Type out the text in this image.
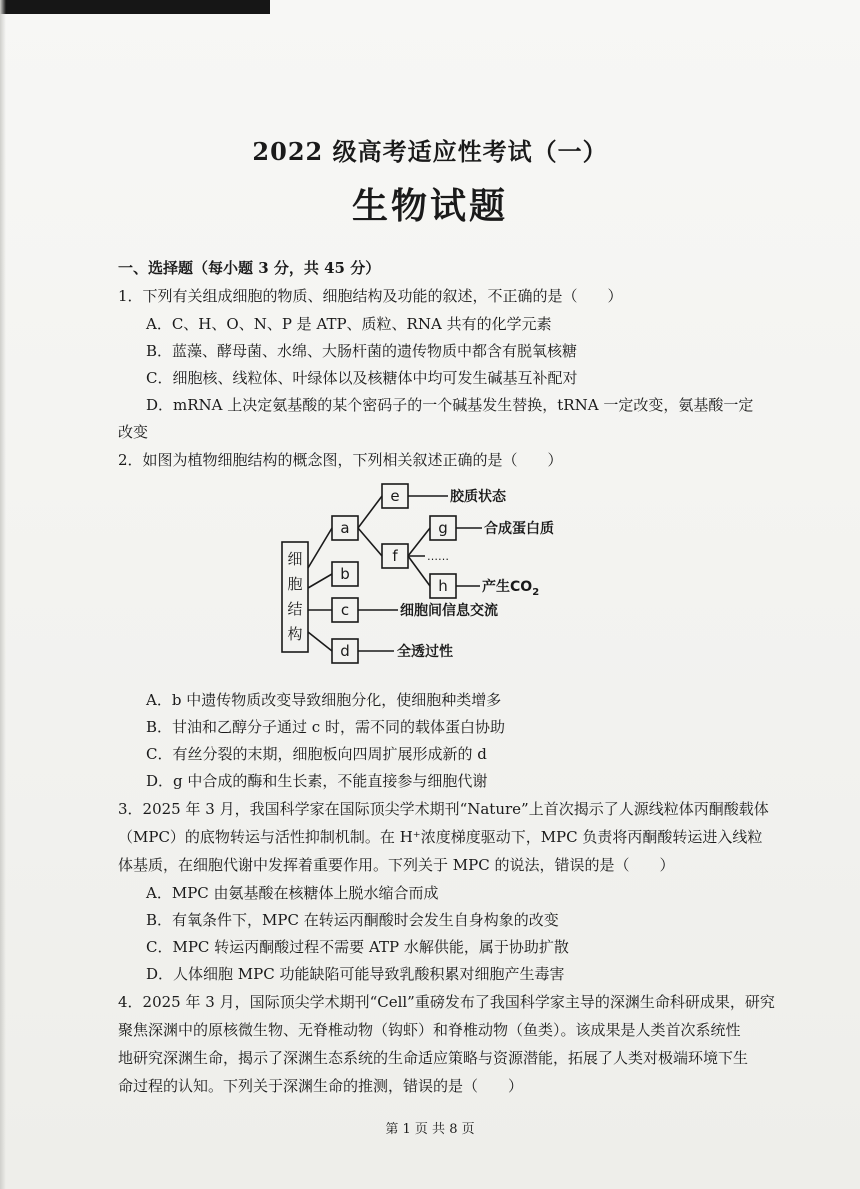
2022 级高考适应性考试（一）
生物试题
一、选择题（每小题 3 分，共 45 分）
1．下列有关组成细胞的物质、细胞结构及功能的叙述，不正确的是（　　）
A．C、H、O、N、P 是 ATP、质粒、RNA 共有的化学元素
B．蓝藻、酵母菌、水绵、大肠杆菌的遗传物质中都含有脱氧核糖
C．细胞核、线粒体、叶绿体以及核糖体中均可发生碱基互补配对
D．mRNA 上决定氨基酸的某个密码子的一个碱基发生替换，tRNA 一定改变，氨基酸一定
改变
2．如图为植物细胞结构的概念图，下列相关叙述正确的是（　　）
细
胞
结
构
a
b
c
d
e
f
g
h
胶质状态
合成蛋白质
……
产生$CO_2$
细胞间信息交流
全透过性
A．b 中遗传物质改变导致细胞分化，使细胞种类增多
B．甘油和乙醇分子通过 c 时，需不同的载体蛋白协助
C．有丝分裂的末期，细胞板向四周扩展形成新的 d
D．g 中合成的酶和生长素，不能直接参与细胞代谢
3．2025 年 3 月，我国科学家在国际顶尖学术期刊“Nature”上首次揭示了人源线粒体丙酮酸载体
（MPC）的底物转运与活性抑制机制。在 H⁺浓度梯度驱动下，MPC 负责将丙酮酸转运进入线粒
体基质，在细胞代谢中发挥着重要作用。下列关于 MPC 的说法，错误的是（　　）
A．MPC 由氨基酸在核糖体上脱水缩合而成
B．有氧条件下，MPC 在转运丙酮酸时会发生自身构象的改变
C．MPC 转运丙酮酸过程不需要 ATP 水解供能，属于协助扩散
D．人体细胞 MPC 功能缺陷可能导致乳酸积累对细胞产生毒害
4．2025 年 3 月，国际顶尖学术期刊“Cell”重磅发布了我国科学家主导的深渊生命科研成果，研究
聚焦深渊中的原核微生物、无脊椎动物（钩虾）和脊椎动物（鱼类）。该成果是人类首次系统性
地研究深渊生命，揭示了深渊生态系统的生命适应策略与资源潜能，拓展了人类对极端环境下生
命过程的认知。下列关于深渊生命的推测，错误的是（　　）
第 1 页 共 8 页
